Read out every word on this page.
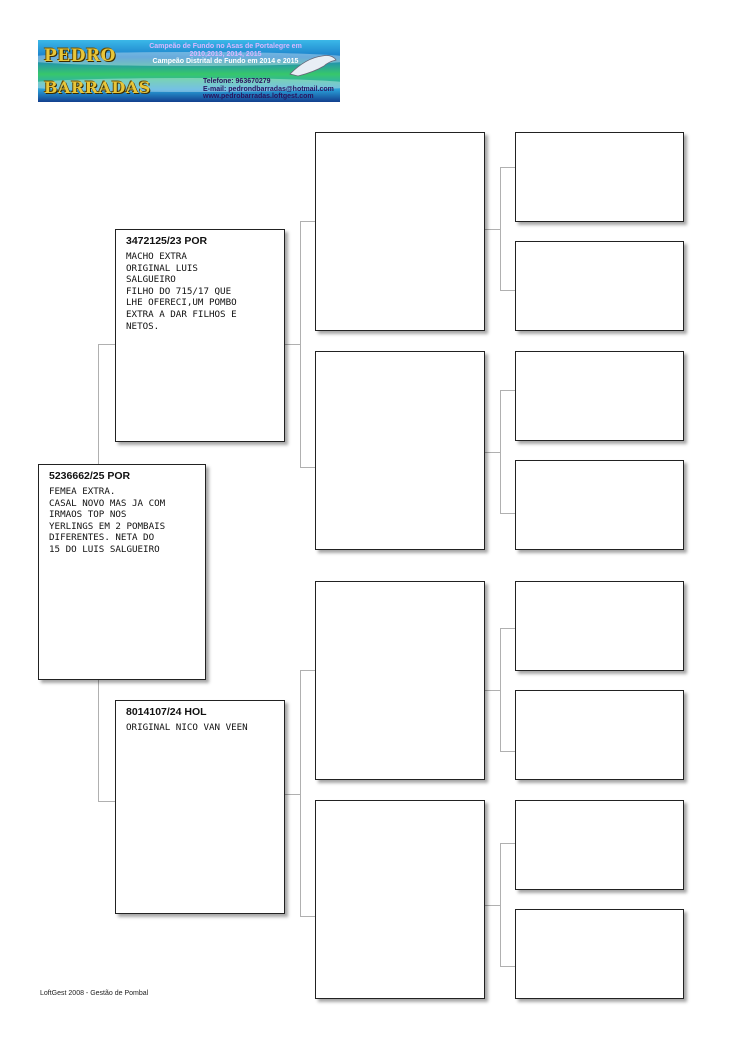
PEDRO
BARRADAS
Campeão de Fundo no Asas de Portalegre em
2010,2013, 2014, 2015
Campeão Distrital de Fundo em 2014 e 2015
Telefone: 963670279
E-mail: pedrondbarradas@hotmail.com
www.pedrobarradas.loftgest.com
5236662/25 POR
FEMEA EXTRA.
CASAL NOVO MAS JA COM
IRMAOS TOP NOS
YERLINGS EM 2 POMBAIS
DIFERENTES. NETA DO
15 DO LUIS SALGUEIRO
3472125/23 POR
MACHO EXTRA
ORIGINAL LUIS
SALGUEIRO
FILHO DO 715/17 QUE
LHE OFERECI,UM POMBO
EXTRA A DAR FILHOS E
NETOS.
8014107/24 HOL
ORIGINAL NICO VAN VEEN
LoftGest 2008 - Gestão de Pombal
